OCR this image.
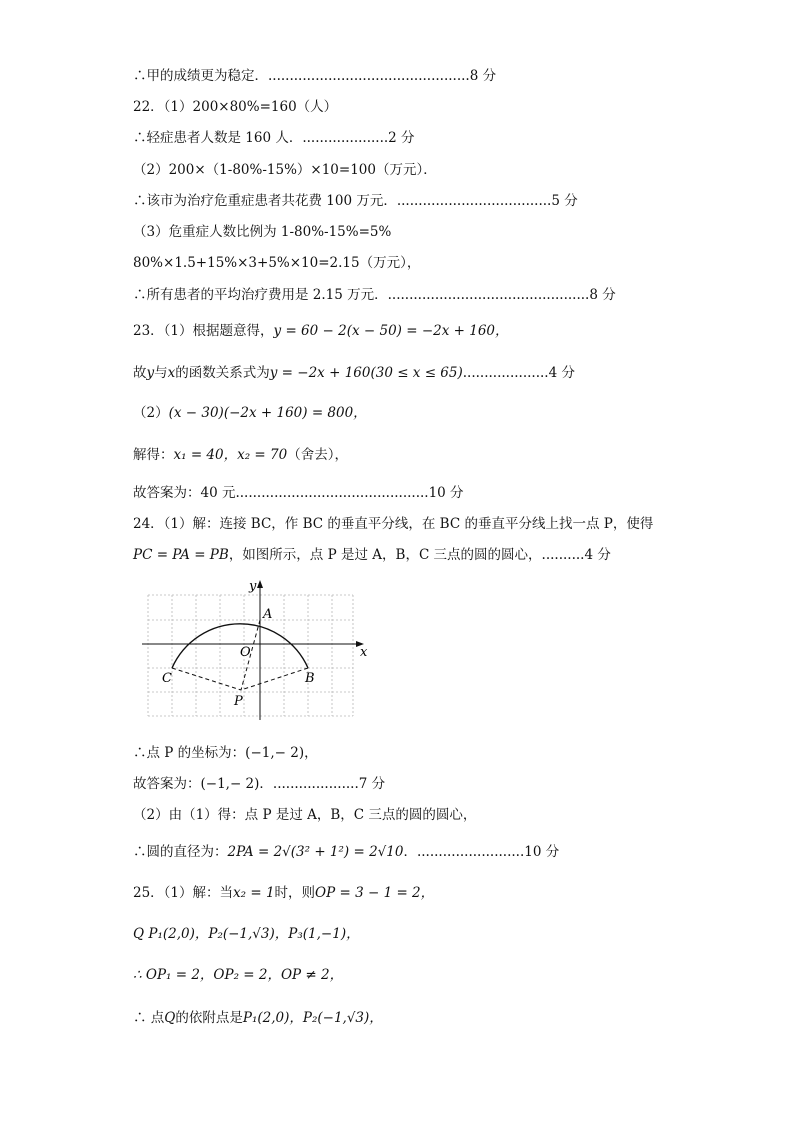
∴甲的成绩更为稳定．...............................................8 分
22．（1）200×80%=160（人）
∴轻症患者人数是 160 人．....................2 分
（2）200×（1-80%-15%）×10=100（万元）．
∴该市为治疗危重症患者共花费 100 万元．....................................5 分
（3）危重症人数比例为 1-80%-15%=5%
80%×1.5+15%×3+5%×10=2.15（万元），
∴所有患者的平均治疗费用是 2.15 万元．...............................................8 分
23．（1）根据题意得，y = 60 − 2(x − 50) = −2x + 160，
故y与x的函数关系式为y = −2x + 160(30 ≤ x ≤ 65)....................4 分
（2）(x − 30)(−2x + 160) = 800，
解得：x₁ = 40，x₂ = 70（舍去），
故答案为：40 元.............................................10 分
24．（1）解：连接 BC，作 BC 的垂直平分线，在 BC 的垂直平分线上找一点 P，使得
PC = PA = PB，如图所示，点 P 是过 A，B，C 三点的圆的圆心，..........4 分
x
y
O
A
B
C
P
∴点 P 的坐标为：(−1,− 2)，
故答案为：(−1,− 2)．....................7 分
（2）由（1）得：点 P 是过 A，B，C 三点的圆的圆心，
∴圆的直径为：2PA = 2√(3² + 1²) = 2√10．.........................10 分
25．（1）解：当x₂ = 1时，则OP = 3 − 1 = 2，
Q P₁(2,0)，P₂(−1,√3)，P₃(1,−1)，
∴ OP₁ = 2，OP₂ = 2，OP ≠ 2，
∴ 点Q的依附点是P₁(2,0)，P₂(−1,√3)，
